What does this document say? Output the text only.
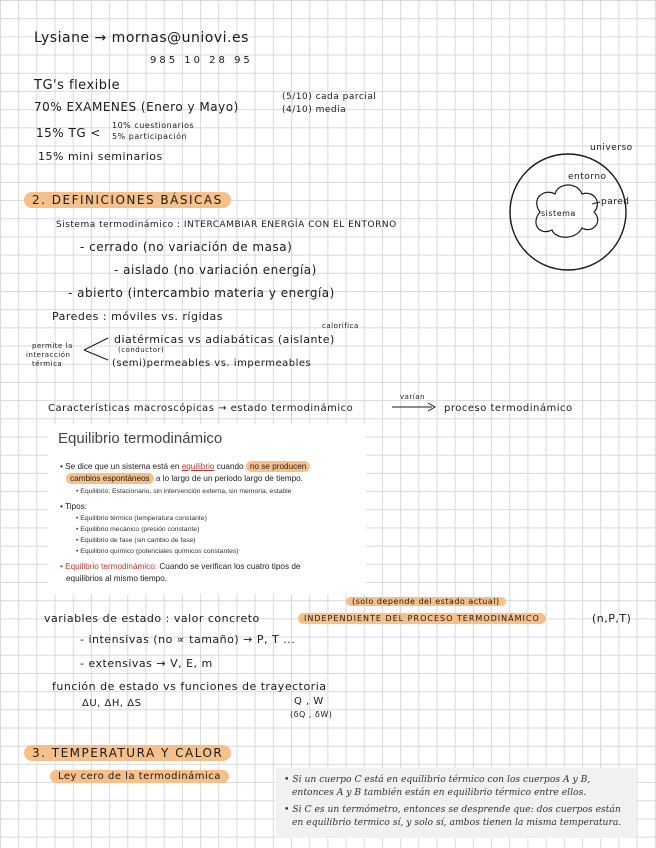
Lysiane → mornas@uniovi.es
985 10 28 95
TG's flexible
70% EXAMENES (Enero y Mayo)
(5/10) cada parcial
(4/10) media
15% TG <
10% cuestionarios
5% participación
15% mini seminarios
universo
entorno
sistema
pared
2. DEFINICIONES BÁSICAS
Sistema termodinámico : INTERCAMBIAR ENERGÍA CON EL ENTORNO
- cerrado (no variación de masa)
- aislado (no variación energía)
- abierto (intercambio materia y energía)
Paredes : móviles vs. rígidas
calorífica
diatérmicas vs adiabáticas (aislante)
(conductor)
(semi)permeables vs. impermeables
permite la
interacción
térmica
Características macroscópicas → estado termodinámico
varían
proceso termodinámico
Equilibrio termodinámico
• Se dice que un sistema está en equilibrio cuando no se producen
cambios espontáneos a lo largo de un periodo largo de tiempo.
• Equilibrio: Estacionario, sin intervención externa, sin memoria, estable
• Tipos:
• Equilibrio térmico (temperatura constante)
• Equilibrio mecánico (presión constante)
• Equilibrio de fase (sin cambio de fase)
• Equilibrio químico (potenciales químicos constantes)
• Equilibrio termodinámico: Cuando se verifican los cuatro tipos de
equilibrios al mismo tiempo.
(solo depende del estado actual)
variables de estado : valor concreto	INDEPENDIENTE DEL PROCESO TERMODINÁMICO	(n,P,T)
- intensivas (no ∝ tamaño) → P, T ...
- extensivas → V, E, m
función de estado vs funciones de trayectoria
ΔU, ΔH, ΔS	Q , W
(δQ , δW)
3. TEMPERATURA Y CALOR
Ley cero de la termodinámica	• Si un cuerpo C está en equilibrio térmico con los cuerpos A y B,
entonces A y B también están en equilibrio térmico entre ellos.
• Si C es un termómetro, entonces se desprende que: dos cuerpos están
en equilibrio termico sí, y solo sí, ambos tienen la misma temperatura.
